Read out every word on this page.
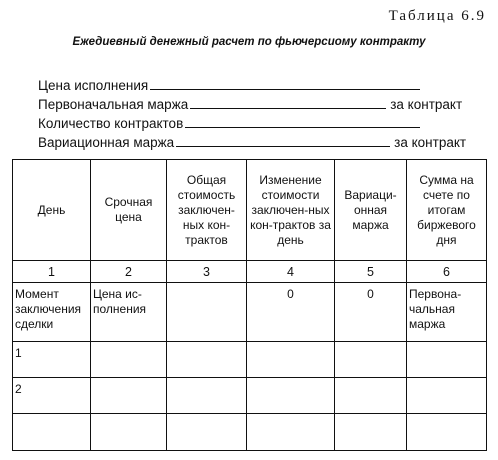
Таблица 6.9
Ежедиевный денежный расчет по фьючерсиому контракту
Цена исполнения
Первоначальная маржа	за контракт
Количество контрактов
Вариационная маржа	за контракт
День	Срочная цена	Общая стоимость заключен-ных кон-трактов	Изменение стоимости заключен-ных кон-трактов за день	Вариаци-онная маржа	Сумма на счете по итогам биржевого дня
1	2	3	4	5	6
Момент заключения сделки	Цена ис-полнения		0	0	Первона-чальная маржа
1					
2					
